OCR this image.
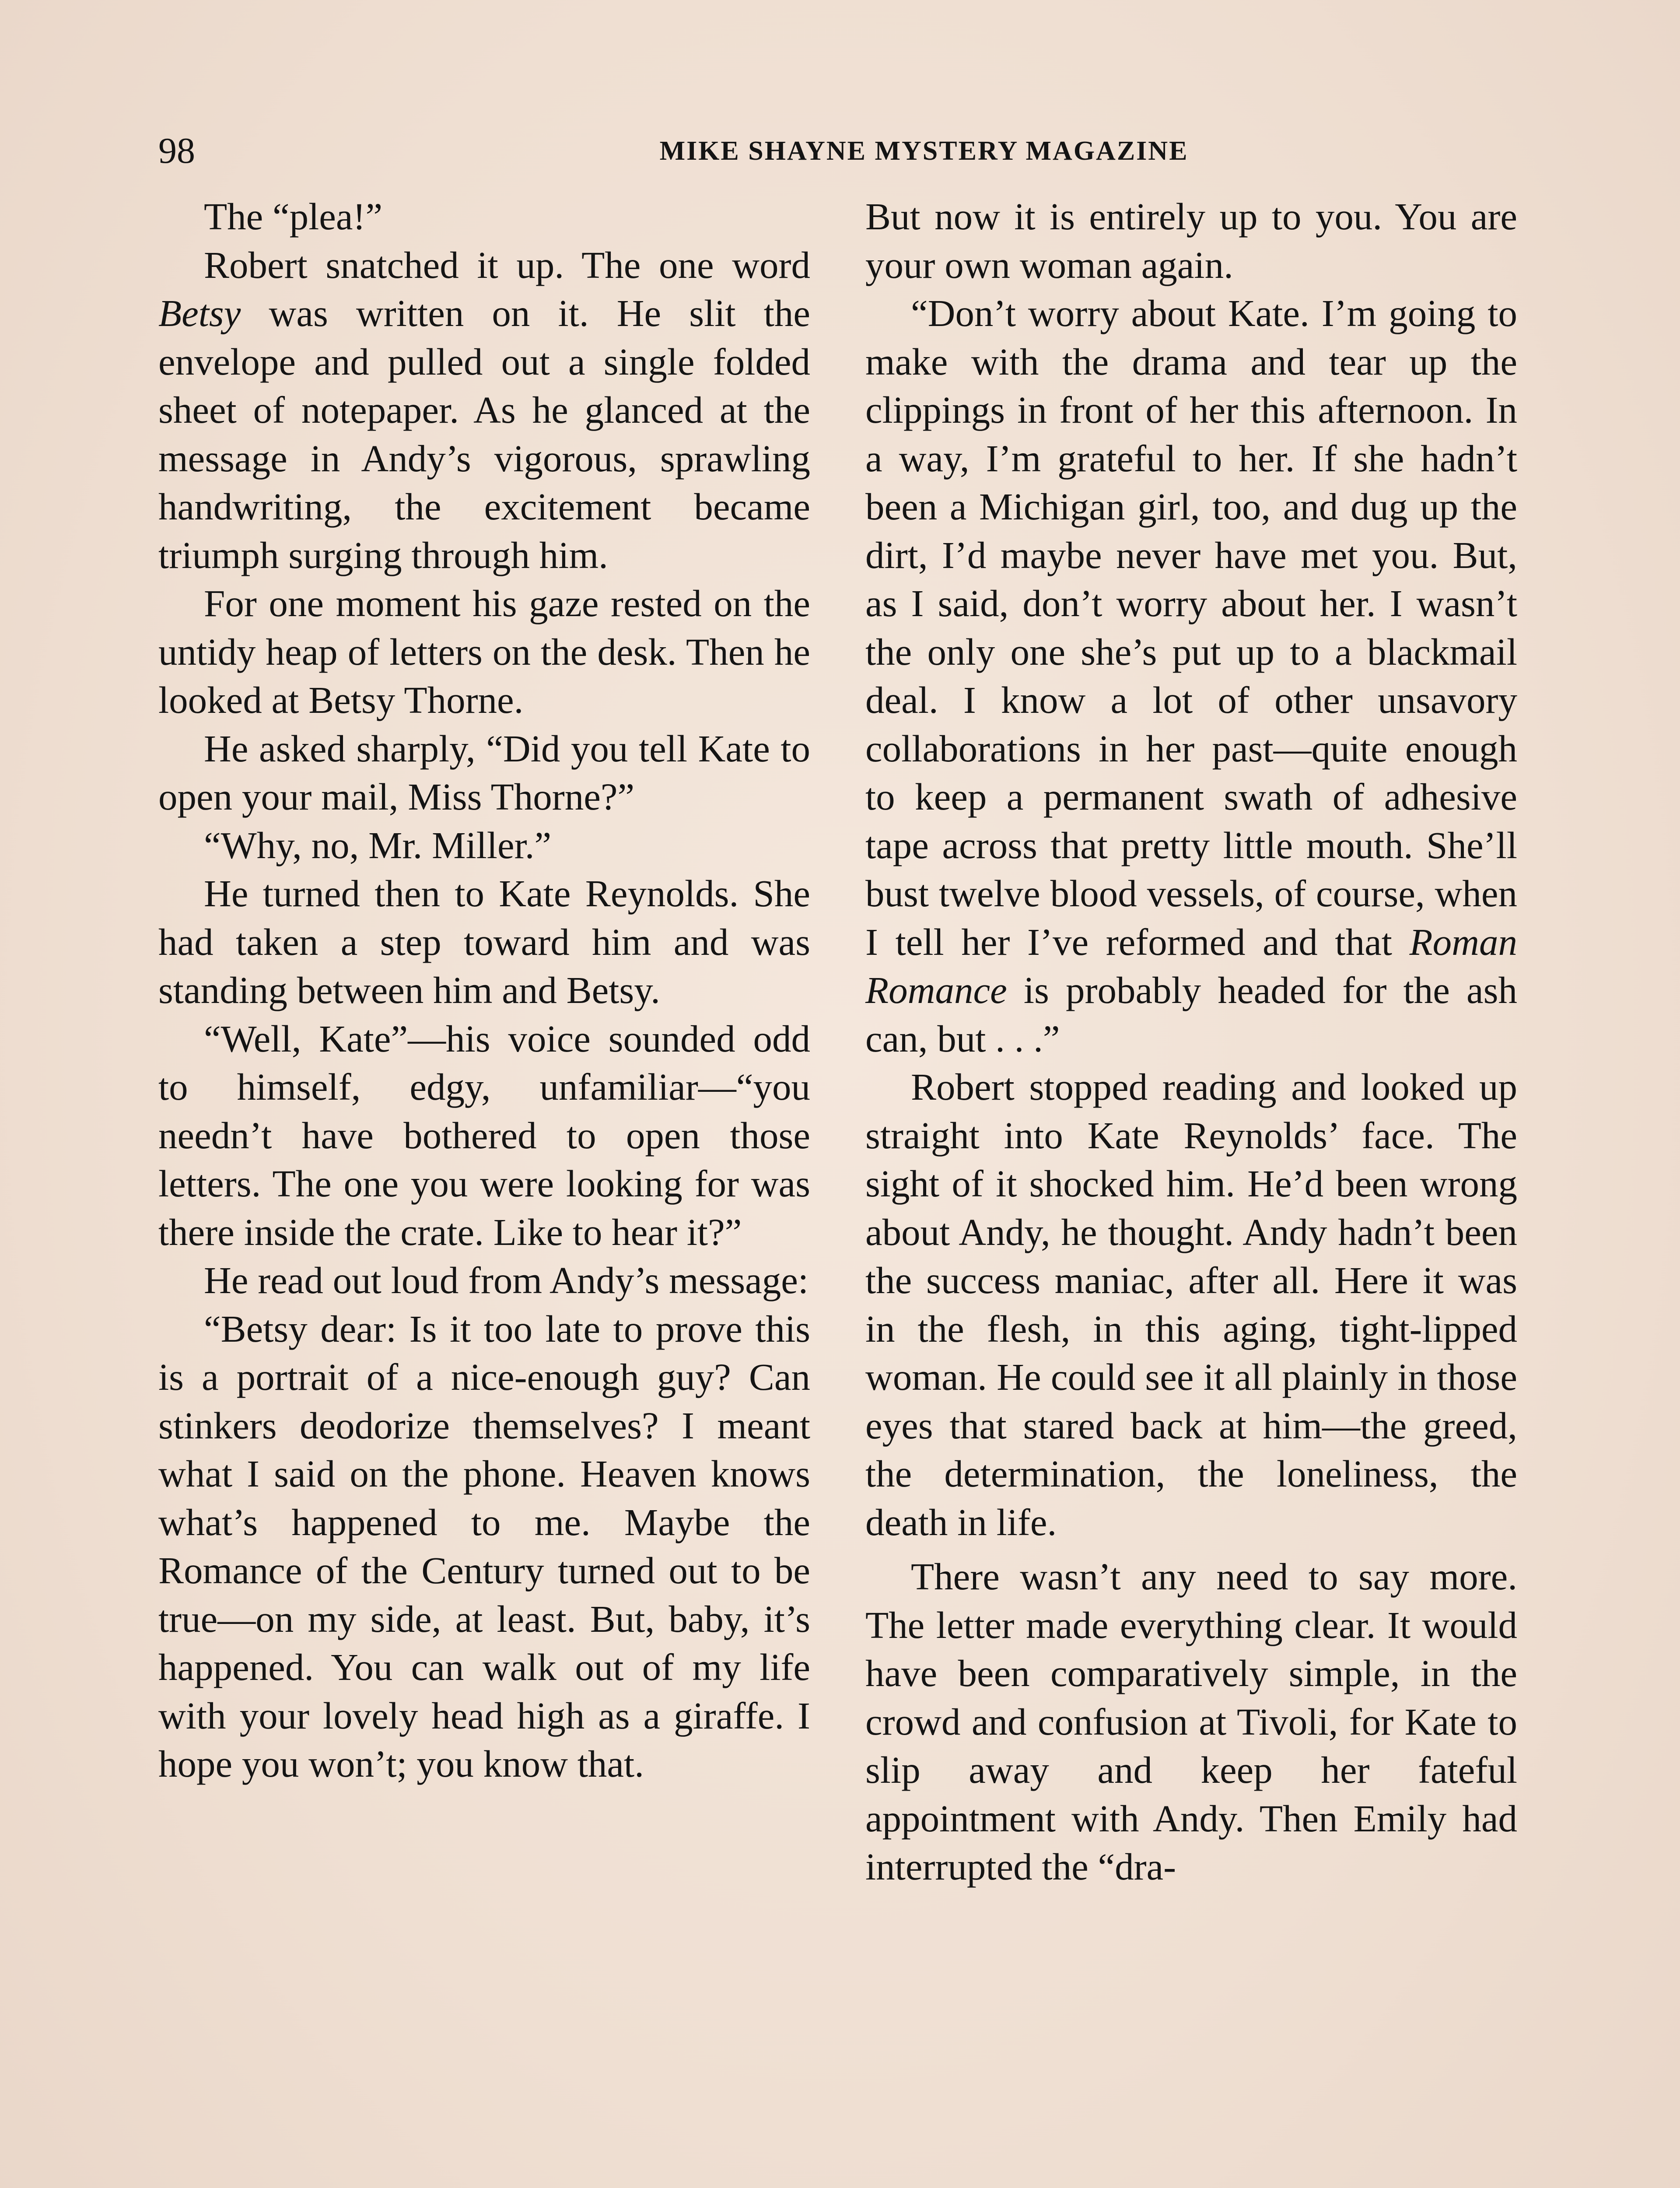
98	MIKE SHAYNE MYSTERY MAGAZINE

The “plea!”

Robert snatched it up. The one word Betsy was written on it. He slit the envelope and pulled out a single folded sheet of notepaper. As he glanced at the message in Andy’s vigorous, sprawling handwriting, the excitement became triumph surging through him.

For one moment his gaze rested on the untidy heap of letters on the desk. Then he looked at Betsy Thorne.

He asked sharply, “Did you tell Kate to open your mail, Miss Thorne?”

“Why, no, Mr. Miller.”

He turned then to Kate Reynolds. She had taken a step toward him and was standing between him and Betsy.

“Well, Kate”—his voice sounded odd to himself, edgy, unfamiliar—“you needn’t have bothered to open those letters. The one you were looking for was there inside the crate. Like to hear it?”

He read out loud from Andy’s message:

“Betsy dear: Is it too late to prove this is a portrait of a nice-enough guy? Can stinkers deodorize themselves? I meant what I said on the phone. Heaven knows what’s happened to me. Maybe the Romance of the Century turned out to be true—on my side, at least. But, baby, it’s happened. You can walk out of my life with your lovely head high as a giraffe. I hope you won’t; you know that.

But now it is entirely up to you. You are your own woman again.

“Don’t worry about Kate. I’m going to make with the drama and tear up the clippings in front of her this afternoon. In a way, I’m grateful to her. If she hadn’t been a Michigan girl, too, and dug up the dirt, I’d maybe never have met you. But, as I said, don’t worry about her. I wasn’t the only one she’s put up to a blackmail deal. I know a lot of other unsavory collaborations in her past—quite enough to keep a permanent swath of adhesive tape across that pretty little mouth. She’ll bust twelve blood vessels, of course, when I tell her I’ve reformed and that Roman Romance is probably headed for the ash can, but . . .”

Robert stopped reading and looked up straight into Kate Reynolds’ face. The sight of it shocked him. He’d been wrong about Andy, he thought. Andy hadn’t been the success maniac, after all. Here it was in the flesh, in this aging, tight-lipped woman. He could see it all plainly in those eyes that stared back at him—the greed, the determination, the loneliness, the death in life.

There wasn’t any need to say more. The letter made everything clear. It would have been comparatively simple, in the crowd and confusion at Tivoli, for Kate to slip away and keep her fateful appointment with Andy. Then Emily had interrupted the “dra-
